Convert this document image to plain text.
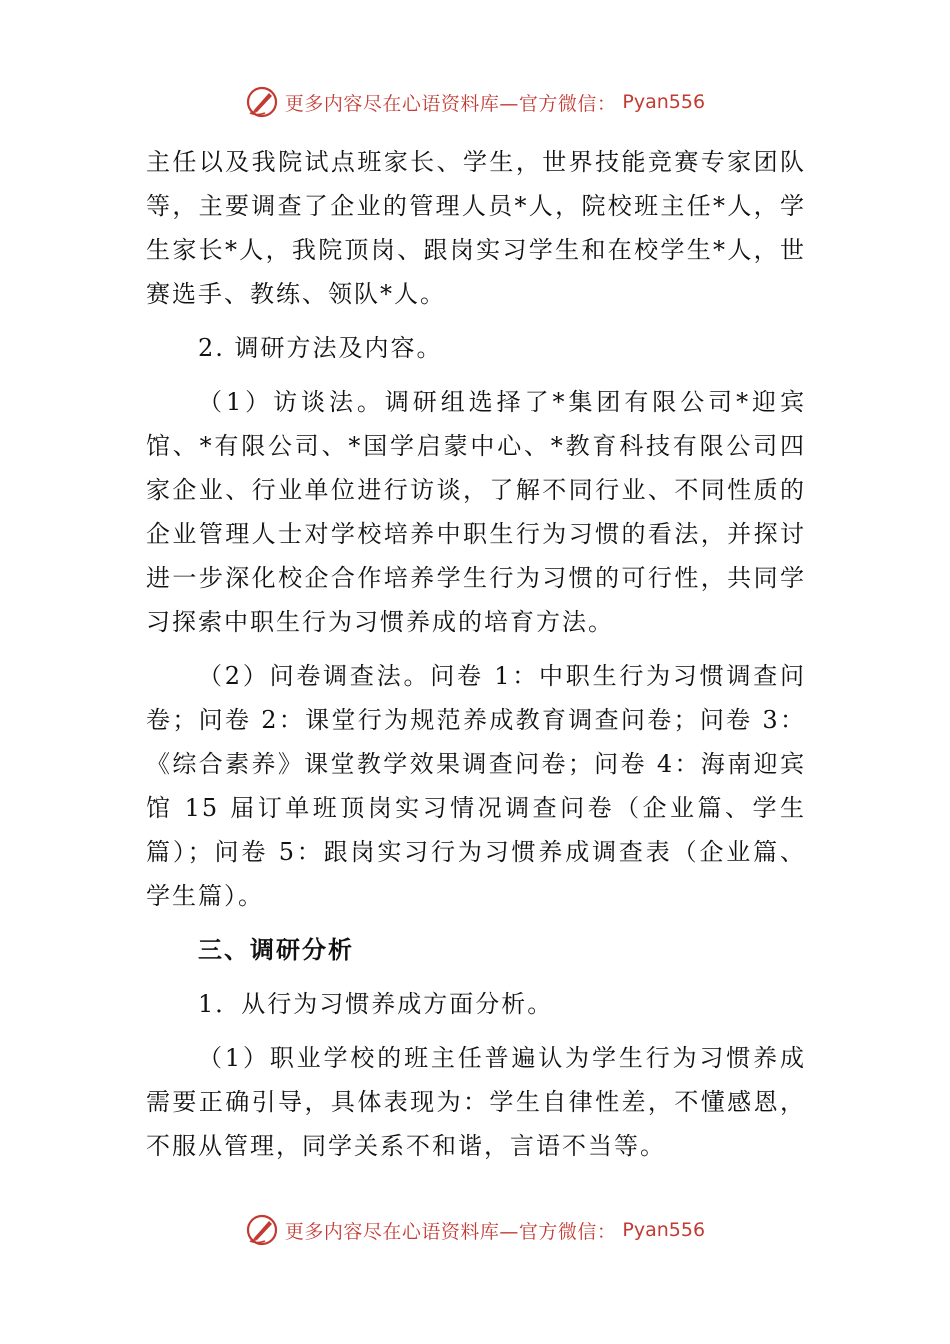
更多内容尽在心语资料库—官方微信： Pyan556

主任以及我院试点班家长、学生，世界技能竞赛专家团队等，主要调查了企业的管理人员*人，院校班主任*人，学生家长*人，我院顶岗、跟岗实习学生和在校学生*人，世赛选手、教练、领队*人。

2. 调研方法及内容。

（1）访谈法。调研组选择了*集团有限公司*迎宾馆、*有限公司、*国学启蒙中心、*教育科技有限公司四家企业、行业单位进行访谈，了解不同行业、不同性质的企业管理人士对学校培养中职生行为习惯的看法，并探讨进一步深化校企合作培养学生行为习惯的可行性，共同学习探索中职生行为习惯养成的培育方法。

（2）问卷调查法。问卷 1：中职生行为习惯调查问卷；问卷 2：课堂行为规范养成教育调查问卷；问卷 3：《综合素养》课堂教学效果调查问卷；问卷 4：海南迎宾馆 15 届订单班顶岗实习情况调查问卷（企业篇、学生篇）；问卷 5：跟岗实习行为习惯养成调查表（企业篇、学生篇）。

三、调研分析

1．从行为习惯养成方面分析。

（1）职业学校的班主任普遍认为学生行为习惯养成需要正确引导，具体表现为：学生自律性差，不懂感恩，不服从管理，同学关系不和谐，言语不当等。

更多内容尽在心语资料库—官方微信： Pyan556
